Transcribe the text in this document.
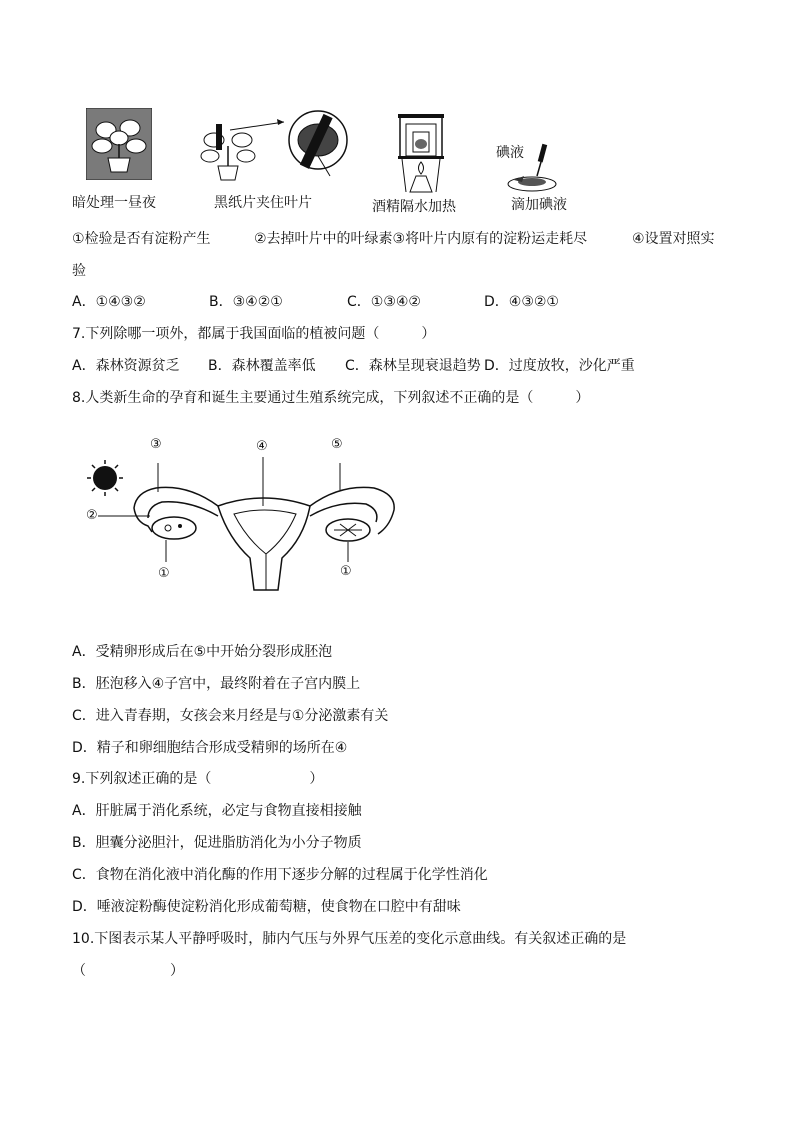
暗处理一昼夜	黑纸片夹住叶片	酒精隔水加热
碘液
滴加碘液
①检验是否有淀粉产生	②去掉叶片中的叶绿素③将叶片内原有的淀粉运走耗尽	④设置对照实
验
A．①④③②	B．③④②①	C．①③④②	D．④③②①
7.下列除哪一项外，都属于我国面临的植被问题（　　　）
A．森林资源贫乏 B．森林覆盖率低 C．森林呈现衰退趋势 D．过度放牧，沙化严重
8.人类新生命的孕育和诞生主要通过生殖系统完成，下列叙述不正确的是（　　　）
③	④	⑤
②
①	①
A．受精卵形成后在⑤中开始分裂形成胚泡
B．胚泡移入④子宫中，最终附着在子宫内膜上
C．进入青春期，女孩会来月经是与①分泌激素有关
D．精子和卵细胞结合形成受精卵的场所在④
9.下列叙述正确的是（　　　　　　　）
A．肝脏属于消化系统，必定与食物直接相接触
B．胆囊分泌胆汁，促进脂肪消化为小分子物质
C．食物在消化液中消化酶的作用下逐步分解的过程属于化学性消化
D．唾液淀粉酶使淀粉消化形成葡萄糖，使食物在口腔中有甜味
10.下图表示某人平静呼吸时，肺内气压与外界气压差的变化示意曲线。有关叙述正确的是
（　　　　　　）
